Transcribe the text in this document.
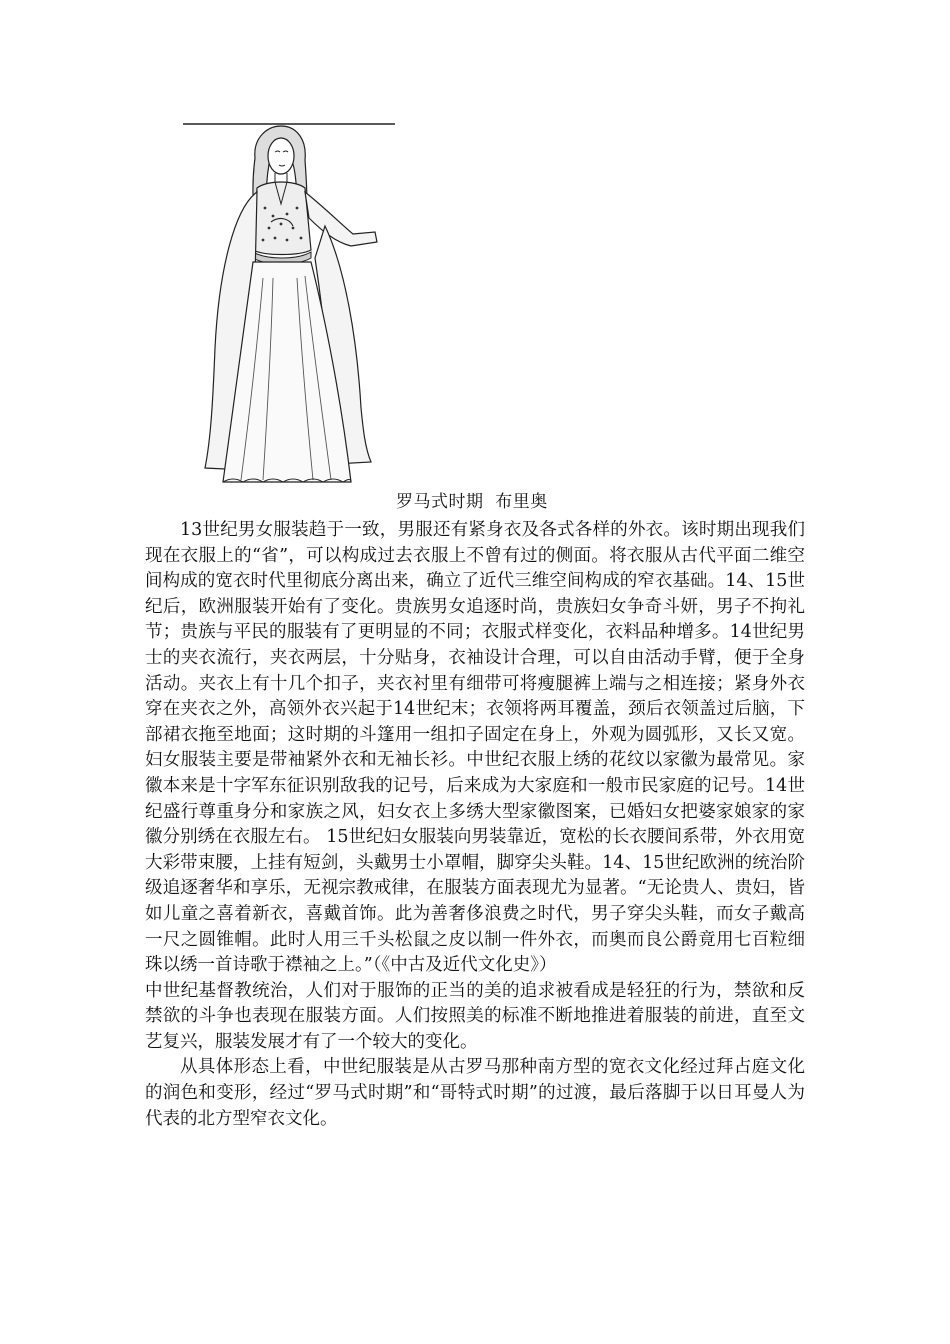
罗马式时期  布里奥

13世纪男女服装趋于一致，男服还有紧身衣及各式各样的外衣。该时期出现我们现在衣服上的“省”，可以构成过去衣服上不曾有过的侧面。将衣服从古代平面二维空间构成的宽衣时代里彻底分离出来，确立了近代三维空间构成的窄衣基础。14、15世纪后，欧洲服装开始有了变化。贵族男女追逐时尚，贵族妇女争奇斗妍，男子不拘礼节；贵族与平民的服装有了更明显的不同；衣服式样变化，衣料品种增多。14世纪男士的夹衣流行，夹衣两层，十分贴身，衣袖设计合理，可以自由活动手臂，便于全身活动。夹衣上有十几个扣子，夹衣衬里有细带可将瘦腿裤上端与之相连接；紧身外衣穿在夹衣之外，高领外衣兴起于14世纪末；衣领将两耳覆盖，颈后衣领盖过后脑，下部裙衣拖至地面；这时期的斗篷用一组扣子固定在身上，外观为圆弧形，又长又宽。妇女服装主要是带袖紧外衣和无袖长衫。中世纪衣服上绣的花纹以家徽为最常见。家徽本来是十字军东征识别敌我的记号，后来成为大家庭和一般市民家庭的记号。14世纪盛行尊重身分和家族之风，妇女衣上多绣大型家徽图案，已婚妇女把婆家娘家的家徽分别绣在衣服左右。 15世纪妇女服装向男装靠近，宽松的长衣腰间系带，外衣用宽大彩带束腰，上挂有短剑，头戴男士小罩帽，脚穿尖头鞋。14、15世纪欧洲的统治阶级追逐奢华和享乐，无视宗教戒律，在服装方面表现尤为显著。“无论贵人、贵妇，皆如儿童之喜着新衣，喜戴首饰。此为善奢侈浪费之时代，男子穿尖头鞋，而女子戴高一尺之圆锥帽。此时人用三千头松鼠之皮以制一件外衣，而奥而良公爵竟用七百粒细珠以绣一首诗歌于襟袖之上。”（《中古及近代文化史》）

中世纪基督教统治，人们对于服饰的正当的美的追求被看成是轻狂的行为，禁欲和反禁欲的斗争也表现在服装方面。人们按照美的标准不断地推进着服装的前进，直至文艺复兴，服装发展才有了一个较大的变化。

从具体形态上看，中世纪服装是从古罗马那种南方型的宽衣文化经过拜占庭文化的润色和变形，经过“罗马式时期”和“哥特式时期”的过渡，最后落脚于以日耳曼人为代表的北方型窄衣文化。
